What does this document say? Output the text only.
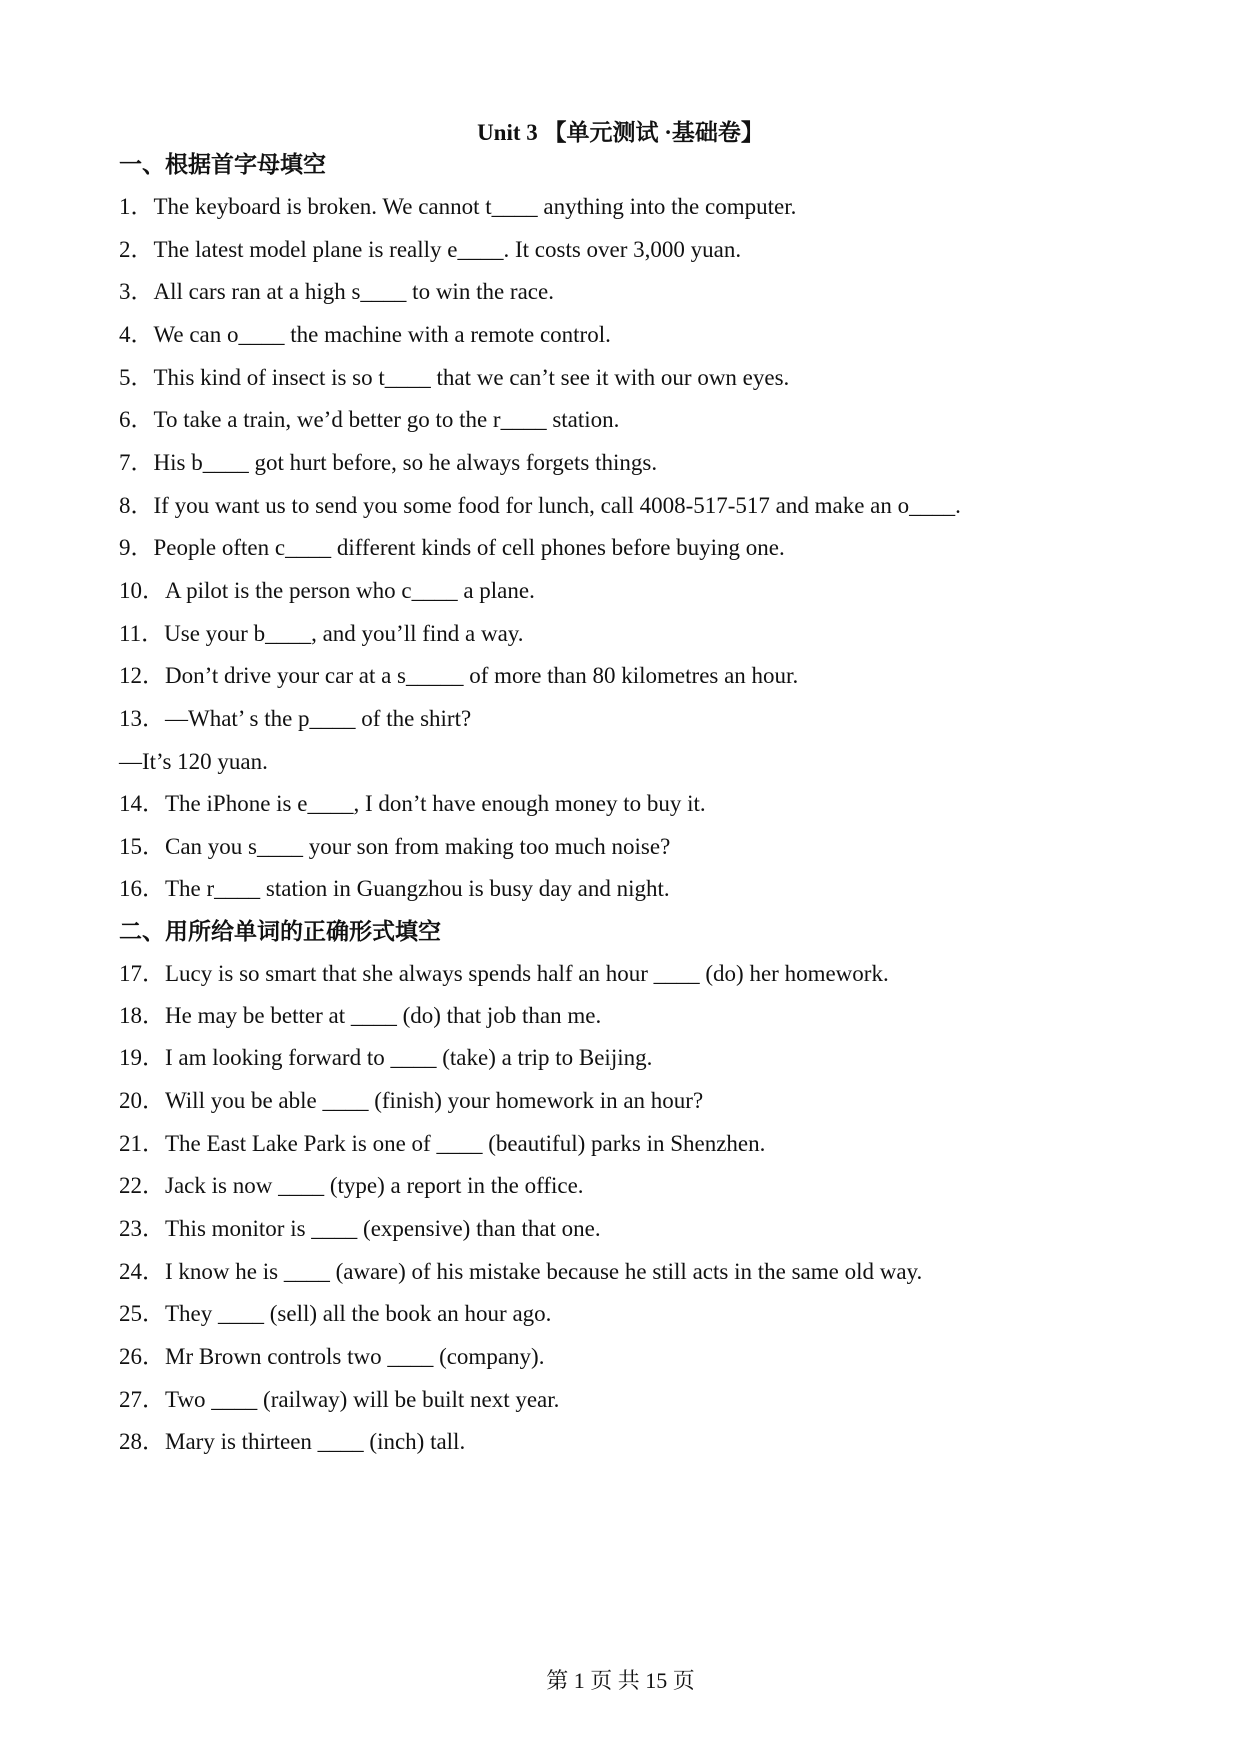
Unit 3 【单元测试 ·基础卷】
一、根据首字母填空
1．The keyboard is broken. We cannot t____ anything into the computer.
2．The latest model plane is really e____. It costs over 3,000 yuan.
3．All cars ran at a high s____ to win the race.
4．We can o____ the machine with a remote control.
5．This kind of insect is so t____ that we can’t see it with our own eyes.
6．To take a train, we’d better go to the r____ station.
7．His b____ got hurt before, so he always forgets things.
8．If you want us to send you some food for lunch, call 4008-517-517 and make an o____.
9．People often c____ different kinds of cell phones before buying one.
10．A pilot is the person who c____ a plane.
11．Use your b____, and you’ll find a way.
12．Don’t drive your car at a s_____ of more than 80 kilometres an hour.
13．—What’ s the p____ of the shirt?
—It’s 120 yuan.
14．The iPhone is e____, I don’t have enough money to buy it.
15．Can you s____ your son from making too much noise?
16．The r____ station in Guangzhou is busy day and night.
二、用所给单词的正确形式填空
17．Lucy is so smart that she always spends half an hour ____ (do) her homework.
18．He may be better at ____ (do) that job than me.
19．I am looking forward to ____ (take) a trip to Beijing.
20．Will you be able ____ (finish) your homework in an hour?
21．The East Lake Park is one of ____ (beautiful) parks in Shenzhen.
22．Jack is now ____ (type) a report in the office.
23．This monitor is ____ (expensive) than that one.
24．I know he is ____ (aware) of his mistake because he still acts in the same old way.
25．They ____ (sell) all the book an hour ago.
26．Mr Brown controls two ____ (company).
27．Two ____ (railway) will be built next year.
28．Mary is thirteen ____ (inch) tall.
第 1 页 共 15 页
